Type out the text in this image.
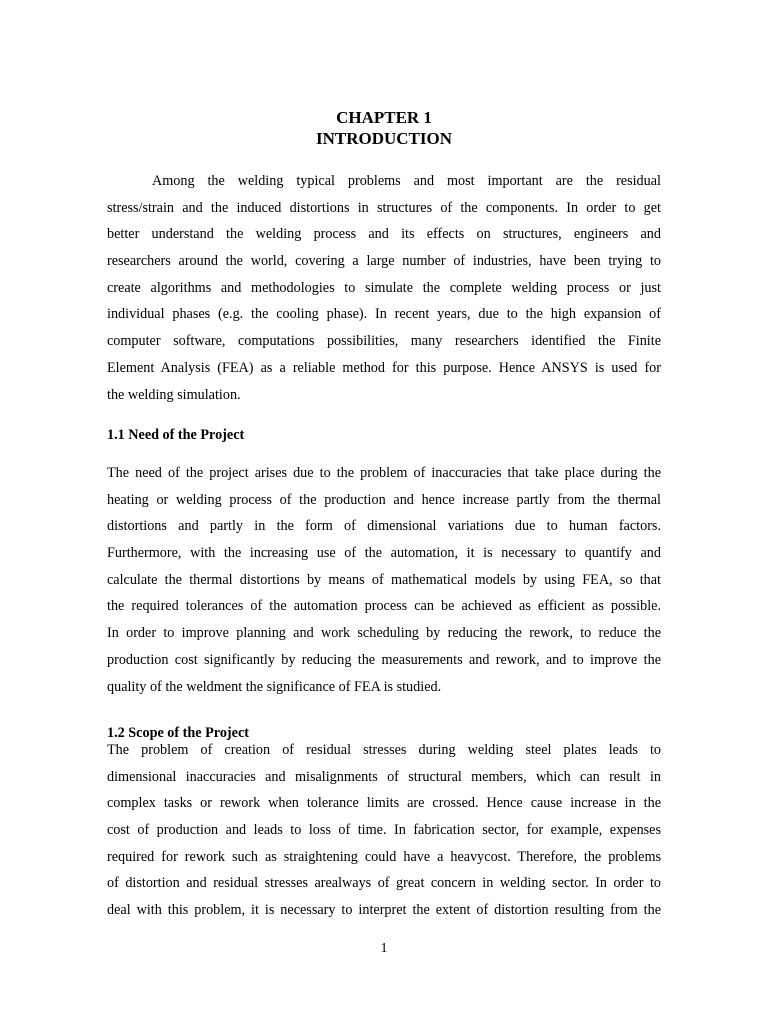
CHAPTER 1
INTRODUCTION
Among the welding typical problems and most important are the residual
stress/strain and the induced distortions in structures of the components. In order to get
better understand the welding process and its effects on structures, engineers and
researchers around the world, covering a large number of industries, have been trying to
create algorithms and methodologies to simulate the complete welding process or just
individual phases (e.g. the cooling phase). In recent years, due to the high expansion of
computer software, computations possibilities, many researchers identified the Finite
Element Analysis (FEA) as a reliable method for this purpose. Hence ANSYS is used for
the welding simulation.
1.1 Need of the Project
The need of the project arises due to the problem of inaccuracies that take place during the
heating or welding process of the production and hence increase partly from the thermal
distortions and partly in the form of dimensional variations due to human factors.
Furthermore, with the increasing use of the automation, it is necessary to quantify and
calculate the thermal distortions by means of mathematical models by using FEA, so that
the required tolerances of the automation process can be achieved as efficient as possible.
In order to improve planning and work scheduling by reducing the rework, to reduce the
production cost significantly by reducing the measurements and rework, and to improve the
quality of the weldment the significance of FEA is studied.
1.2 Scope of the Project
The problem of creation of residual stresses during welding steel plates leads to
dimensional inaccuracies and misalignments of structural members, which can result in
complex tasks or rework when tolerance limits are crossed. Hence cause increase in the
cost of production and leads to loss of time. In fabrication sector, for example, expenses
required for rework such as straightening could have a heavycost. Therefore, the problems
of distortion and residual stresses arealways of great concern in welding sector. In order to
deal with this problem, it is necessary to interpret the extent of distortion resulting from the
1
